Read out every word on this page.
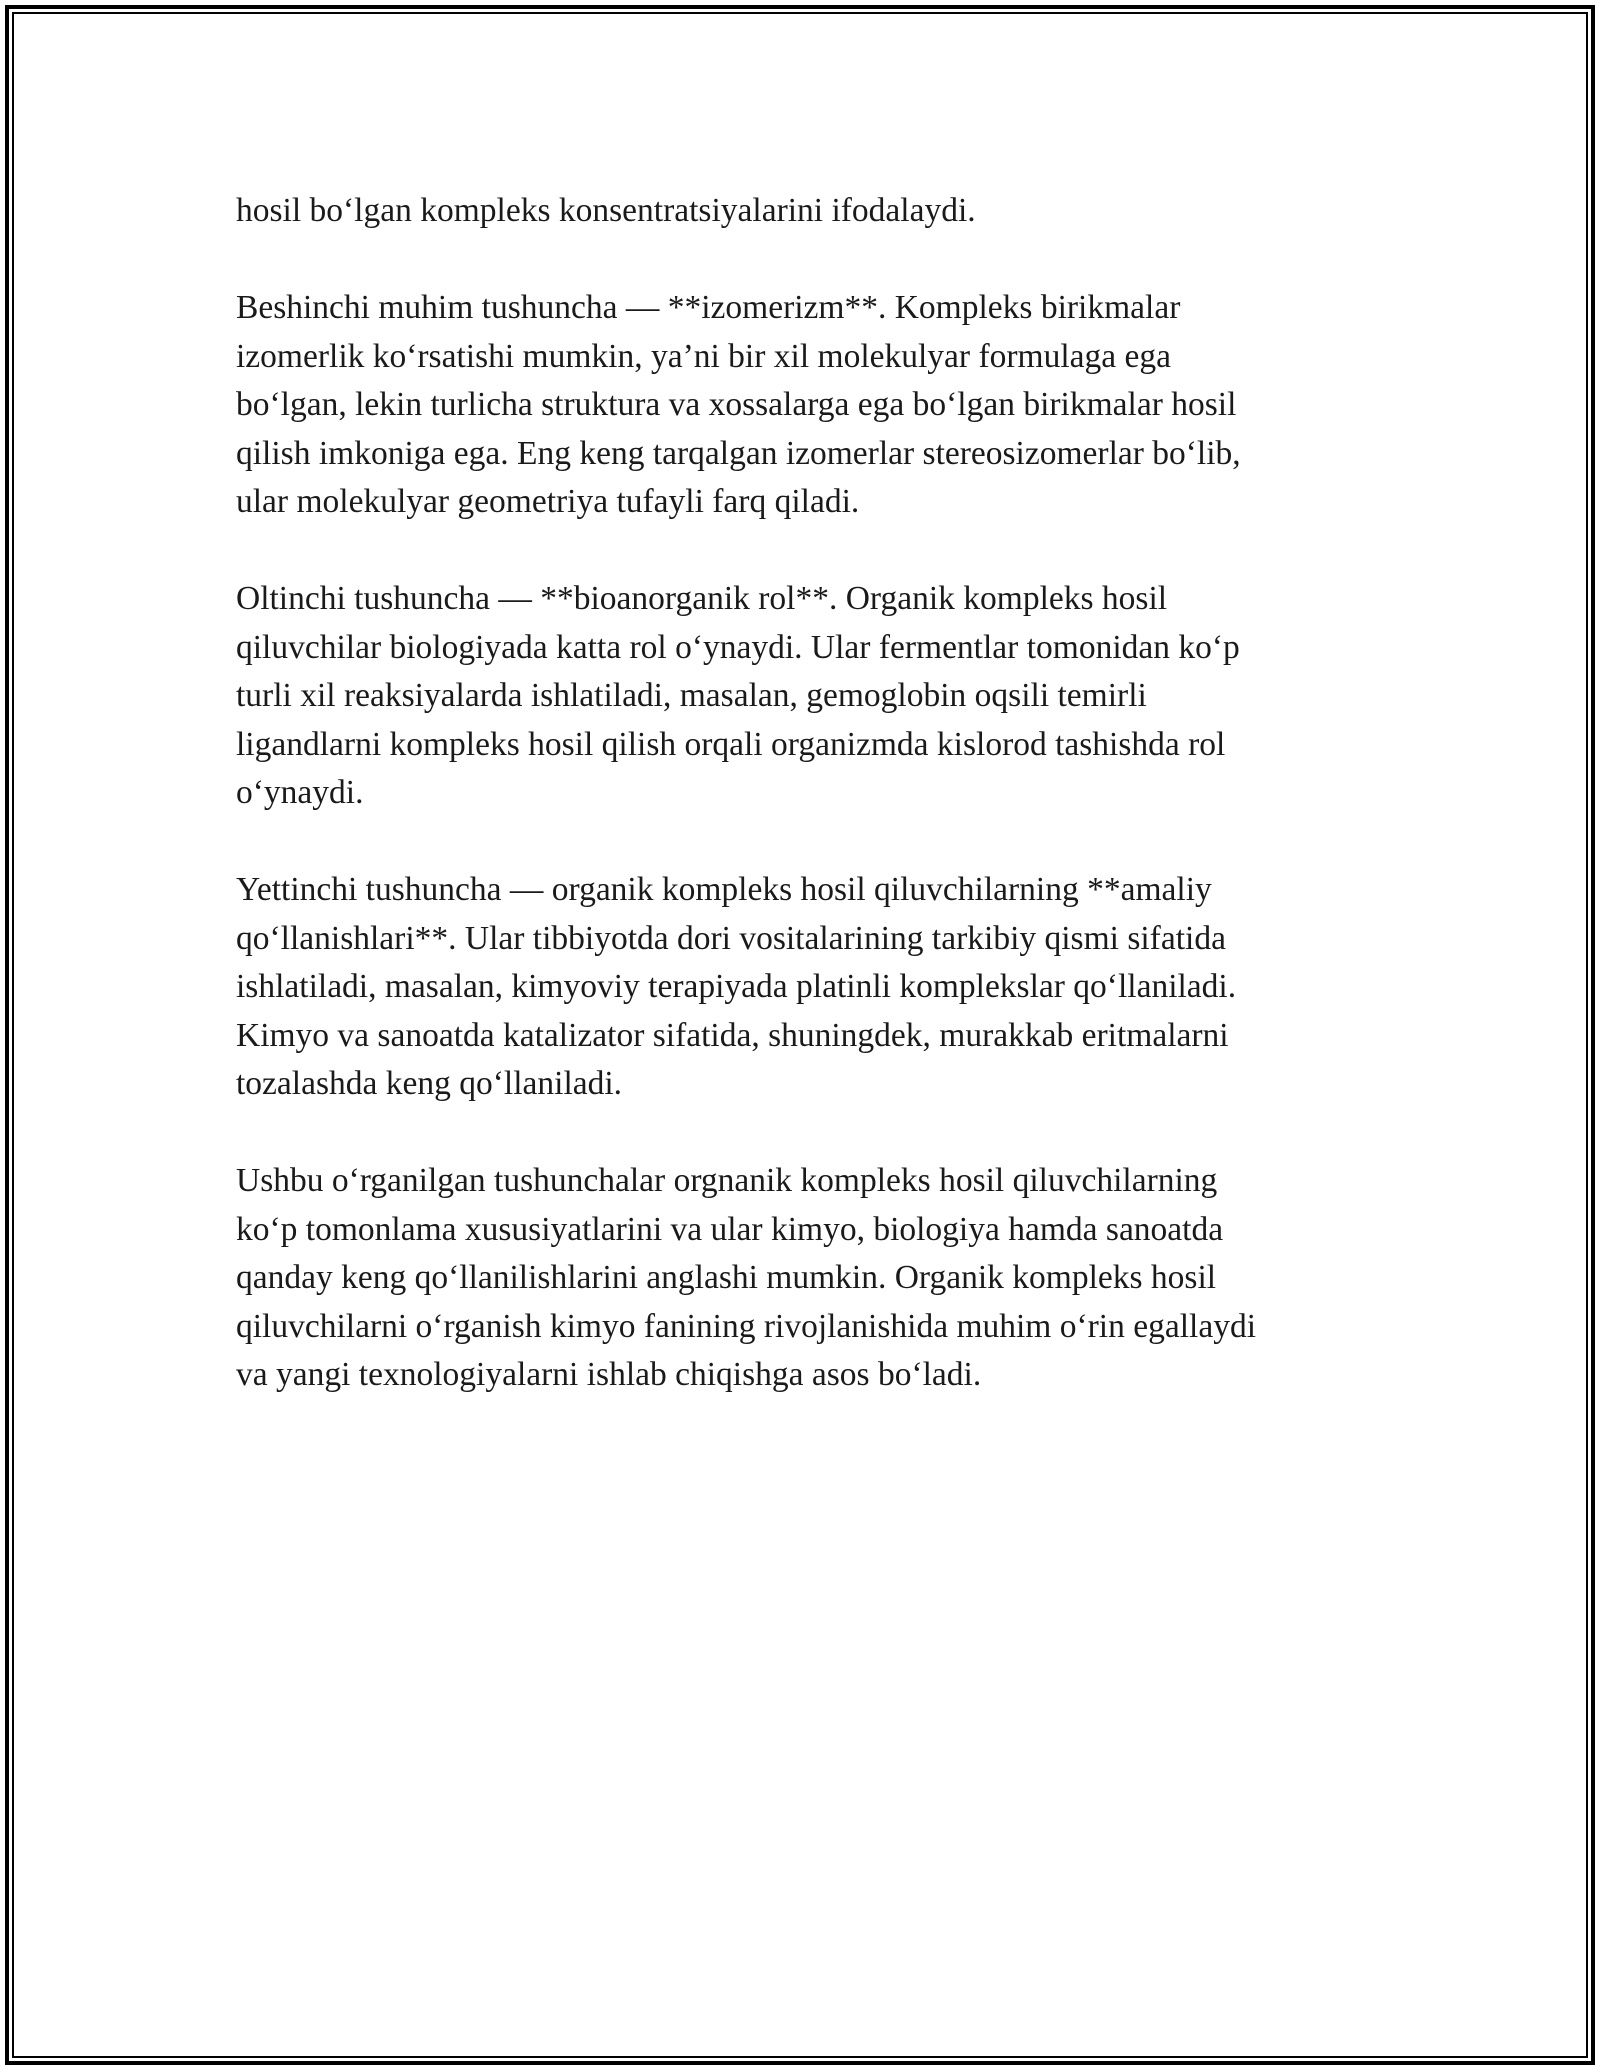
hosil bo‘lgan kompleks konsentratsiyalarini ifodalaydi.

Beshinchi muhim tushuncha — **izomerizm**. Kompleks birikmalar
izomerlik ko‘rsatishi mumkin, ya’ni bir xil molekulyar formulaga ega
bo‘lgan, lekin turlicha struktura va xossalarga ega bo‘lgan birikmalar hosil
qilish imkoniga ega. Eng keng tarqalgan izomerlar stereosizomerlar bo‘lib,
ular molekulyar geometriya tufayli farq qiladi.

Oltinchi tushuncha — **bioanorganik rol**. Organik kompleks hosil
qiluvchilar biologiyada katta rol o‘ynaydi. Ular fermentlar tomonidan ko‘p
turli xil reaksiyalarda ishlatiladi, masalan, gemoglobin oqsili temirli
ligandlarni kompleks hosil qilish orqali organizmda kislorod tashishda rol
o‘ynaydi.

Yettinchi tushuncha — organik kompleks hosil qiluvchilarning **amaliy
qo‘llanishlari**. Ular tibbiyotda dori vositalarining tarkibiy qismi sifatida
ishlatiladi, masalan, kimyoviy terapiyada platinli komplekslar qo‘llaniladi.
Kimyo va sanoatda katalizator sifatida, shuningdek, murakkab eritmalarni
tozalashda keng qo‘llaniladi.

Ushbu o‘rganilgan tushunchalar orgnanik kompleks hosil qiluvchilarning
ko‘p tomonlama xususiyatlarini va ular kimyo, biologiya hamda sanoatda
qanday keng qo‘llanilishlarini anglashi mumkin. Organik kompleks hosil
qiluvchilarni o‘rganish kimyo fanining rivojlanishida muhim o‘rin egallaydi
va yangi texnologiyalarni ishlab chiqishga asos bo‘ladi.
